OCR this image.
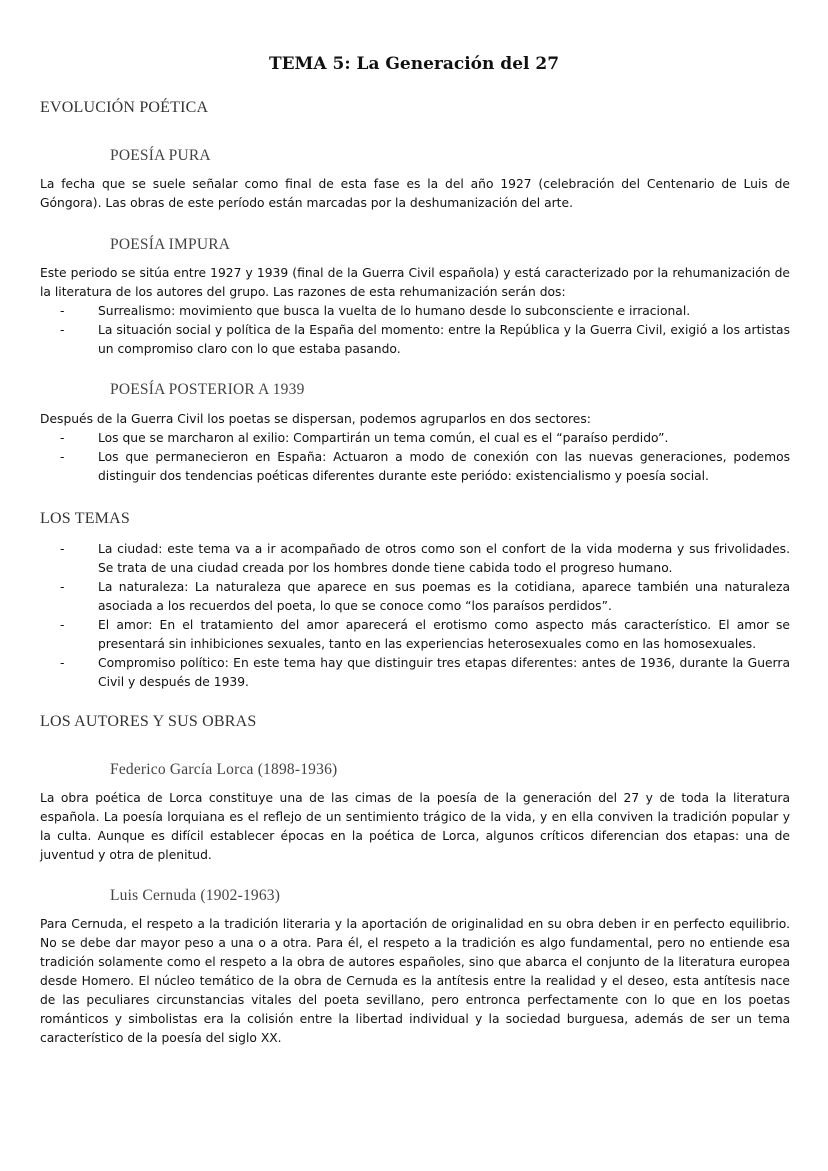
TEMA 5: La Generación del 27
EVOLUCIÓN POÉTICA
POESÍA PURA

La fecha que se suele señalar como final de esta fase es la del año 1927 (celebración del Centenario de Luis de Góngora). Las obras de este período están marcadas por la deshumanización del arte.

POESÍA IMPURA

Este periodo se sitúa entre 1927 y 1939 (final de la Guerra Civil española) y está caracterizado por la rehumanización de la literatura de los autores del grupo. Las razones de esta rehumanización serán dos:

-	Surrealismo: movimiento que busca la vuelta de lo humano desde lo subconsciente e irracional.
-	La situación social y política de la España del momento: entre la República y la Guerra Civil, exigió a los artistas un compromiso claro con lo que estaba pasando.
POESÍA POSTERIOR A 1939

Después de la Guerra Civil los poetas se dispersan, podemos agruparlos en dos sectores:

-	Los que se marcharon al exilio: Compartirán un tema común, el cual es el “paraíso perdido”.
-	Los que permanecieron en España: Actuaron a modo de conexión con las nuevas generaciones, podemos distinguir dos tendencias poéticas diferentes durante este periódo: existencialismo y poesía social.
LOS TEMAS
-	La ciudad: este tema va a ir acompañado de otros como son el confort de la vida moderna y sus frivolidades. Se trata de una ciudad creada por los hombres donde tiene cabida todo el progreso humano.
-	La naturaleza: La naturaleza que aparece en sus poemas es la cotidiana, aparece también una naturaleza asociada a los recuerdos del poeta, lo que se conoce como “los paraísos perdidos”.
-	El amor: En el tratamiento del amor aparecerá el erotismo como aspecto más característico. El amor se presentará sin inhibiciones sexuales, tanto en las experiencias heterosexuales como en las homosexuales.
-	Compromiso político: En este tema hay que distinguir tres etapas diferentes: antes de 1936, durante la Guerra Civil y después de 1939.
LOS AUTORES Y SUS OBRAS
Federico García Lorca (1898-1936)

La obra poética de Lorca constituye una de las cimas de la poesía de la generación del 27 y de toda la literatura española. La poesía lorquiana es el reflejo de un sentimiento trágico de la vida, y en ella conviven la tradición popular y la culta. Aunque es difícil establecer épocas en la poética de Lorca, algunos críticos diferencian dos etapas: una de juventud y otra de plenitud.

Luis Cernuda (1902-1963)

Para Cernuda, el respeto a la tradición literaria y la aportación de originalidad en su obra deben ir en perfecto equilibrio. No se debe dar mayor peso a una o a otra. Para él, el respeto a la tradición es algo fundamental, pero no entiende esa tradición solamente como el respeto a la obra de autores españoles, sino que abarca el conjunto de la literatura europea desde Homero. El núcleo temático de la obra de Cernuda es la antítesis entre la realidad y el deseo, esta antítesis nace de las peculiares circunstancias vitales del poeta sevillano, pero entronca perfectamente con lo que en los poetas románticos y simbolistas era la colisión entre la libertad individual y la sociedad burguesa, además de ser un tema característico de la poesía del siglo XX.
